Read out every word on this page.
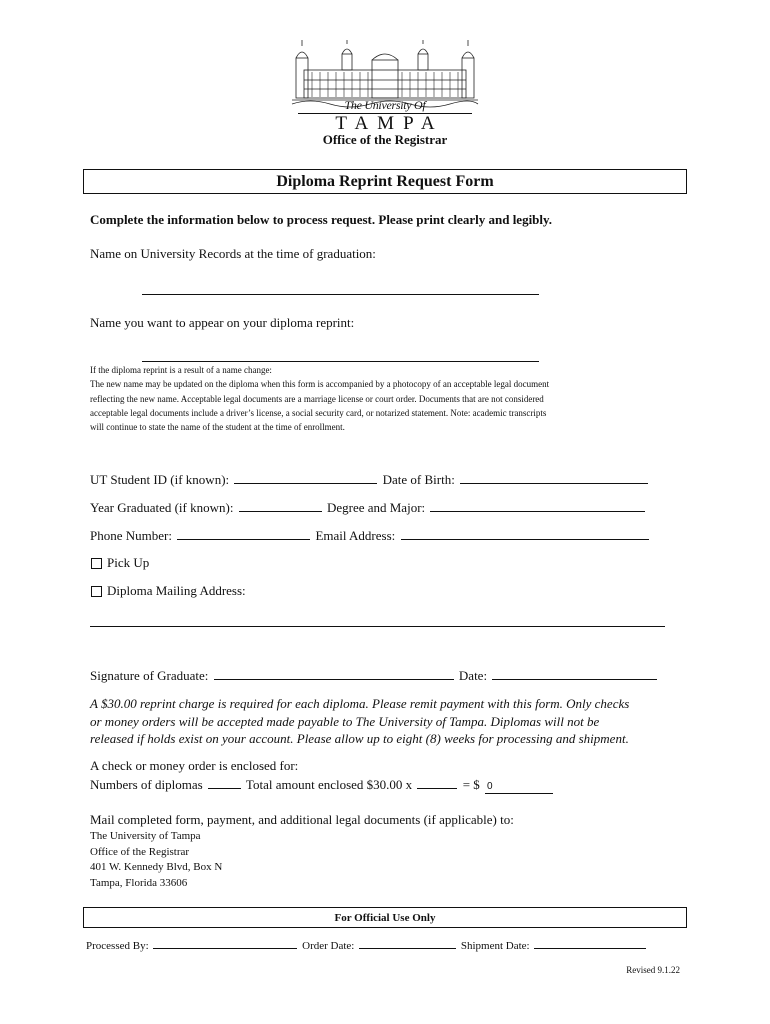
The University Of
TAMPA
Office of the Registrar
Diploma Reprint Request Form
Complete the information below to process request. Please print clearly and legibly.
Name on University Records at the time of graduation:
Name you want to appear on your diploma reprint:
If the diploma reprint is a result of a name change:
The new name may be updated on the diploma when this form is accompanied by a photocopy of an acceptable legal document
reflecting the new name. Acceptable legal documents are a marriage license or court order. Documents that are not considered
acceptable legal documents include a driver’s license, a social security card, or notarized statement. Note: academic transcripts
will continue to state the name of the student at the time of enrollment.
UT Student ID (if known):	Date of Birth:
Year Graduated (if known):	Degree and Major:
Phone Number:	Email Address:
Pick Up
Diploma Mailing Address:
Signature of Graduate:	Date:
A $30.00 reprint charge is required for each diploma. Please remit payment with this form. Only checks
or money orders will be accepted made payable to The University of Tampa. Diplomas will not be
released if holds exist on your account. Please allow up to eight (8) weeks for processing and shipment.
A check or money order is enclosed for:
Numbers of diplomas	Total amount enclosed $30.00 x	= $ 0
Mail completed form, payment, and additional legal documents (if applicable) to:
The University of Tampa
Office of the Registrar
401 W. Kennedy Blvd, Box N
Tampa, Florida 33606
For Official Use Only
Processed By:	Order Date:	Shipment Date:
Revised 9.1.22
